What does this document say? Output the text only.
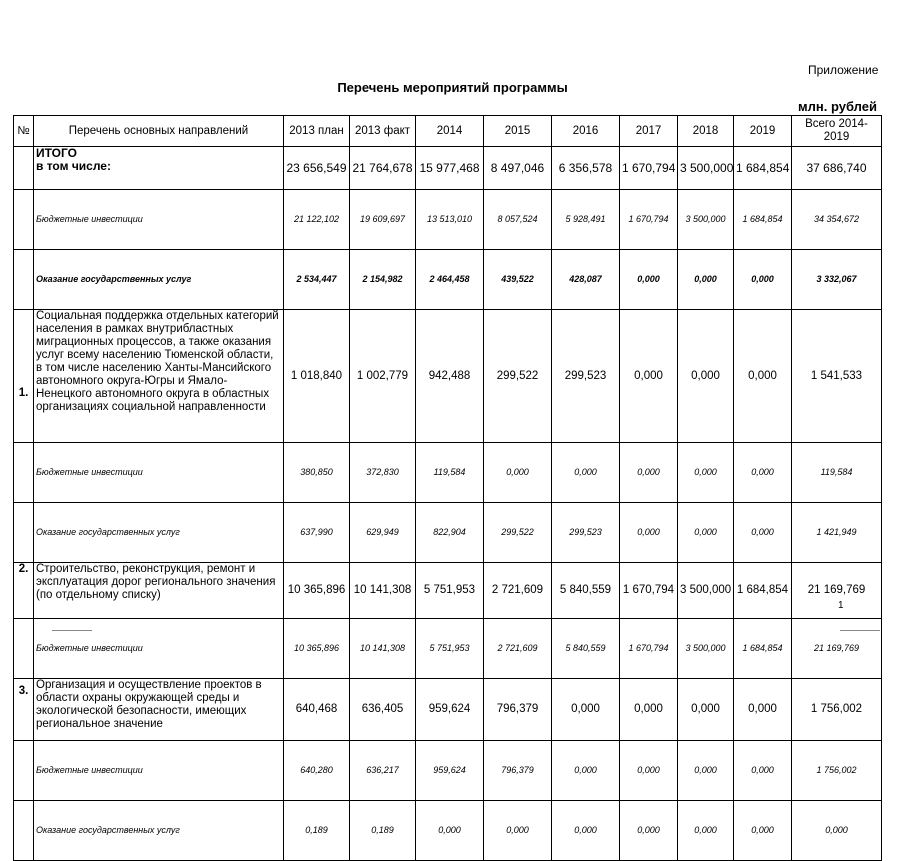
Приложение
Перечень мероприятий программы
млн. рублей
№	Перечень основных направлений	2013 план	2013 факт	2014	2015	2016	2017	2018	2019	Всего 2014-2019
	ИТОГО
в том числе:	23 656,549	21 764,678	15 977,468	8 497,046	6 356,578	1 670,794	3 500,000	1 684,854	37 686,740
	Бюджетные инвестиции	21 122,102	19 609,697	13 513,010	8 057,524	5 928,491	1 670,794	3 500,000	1 684,854	34 354,672
	Оказание государственных услуг	2 534,447	2 154,982	2 464,458	439,522	428,087	0,000	0,000	0,000	3 332,067
1.	Социальная поддержка отдельных категорий населения в рамках внутрибластных миграционных процессов, а также оказания услуг всему населению Тюменской области, в том числе населению Ханты-Мансийского автономного округа-Югры и Ямало-Ненецкого автономного округа в областных организациях социальной направленности	1 018,840	1 002,779	942,488	299,522	299,523	0,000	0,000	0,000	1 541,533
	Бюджетные инвестиции	380,850	372,830	119,584	0,000	0,000	0,000	0,000	0,000	119,584
	Оказание государственных услуг	637,990	629,949	822,904	299,522	299,523	0,000	0,000	0,000	1 421,949
2.	Строительство, реконструкция, ремонт и эксплуатация дорог регионального значения (по отдельному списку)	10 365,896	10 141,308	5 751,953	2 721,609	5 840,559	1 670,794	3 500,000	1 684,854	21 169,769
	Бюджетные инвестиции	10 365,896	10 141,308	5 751,953	2 721,609	5 840,559	1 670,794	3 500,000	1 684,854	21 169,769
3.	Организация и осуществление проектов в области охраны окружающей среды и экологической безопасности, имеющих региональное значение	640,468	636,405	959,624	796,379	0,000	0,000	0,000	0,000	1 756,002
	Бюджетные инвестиции	640,280	636,217	959,624	796,379	0,000	0,000	0,000	0,000	1 756,002
	Оказание государственных услуг	0,189	0,189	0,000	0,000	0,000	0,000	0,000	0,000	0,000
1
